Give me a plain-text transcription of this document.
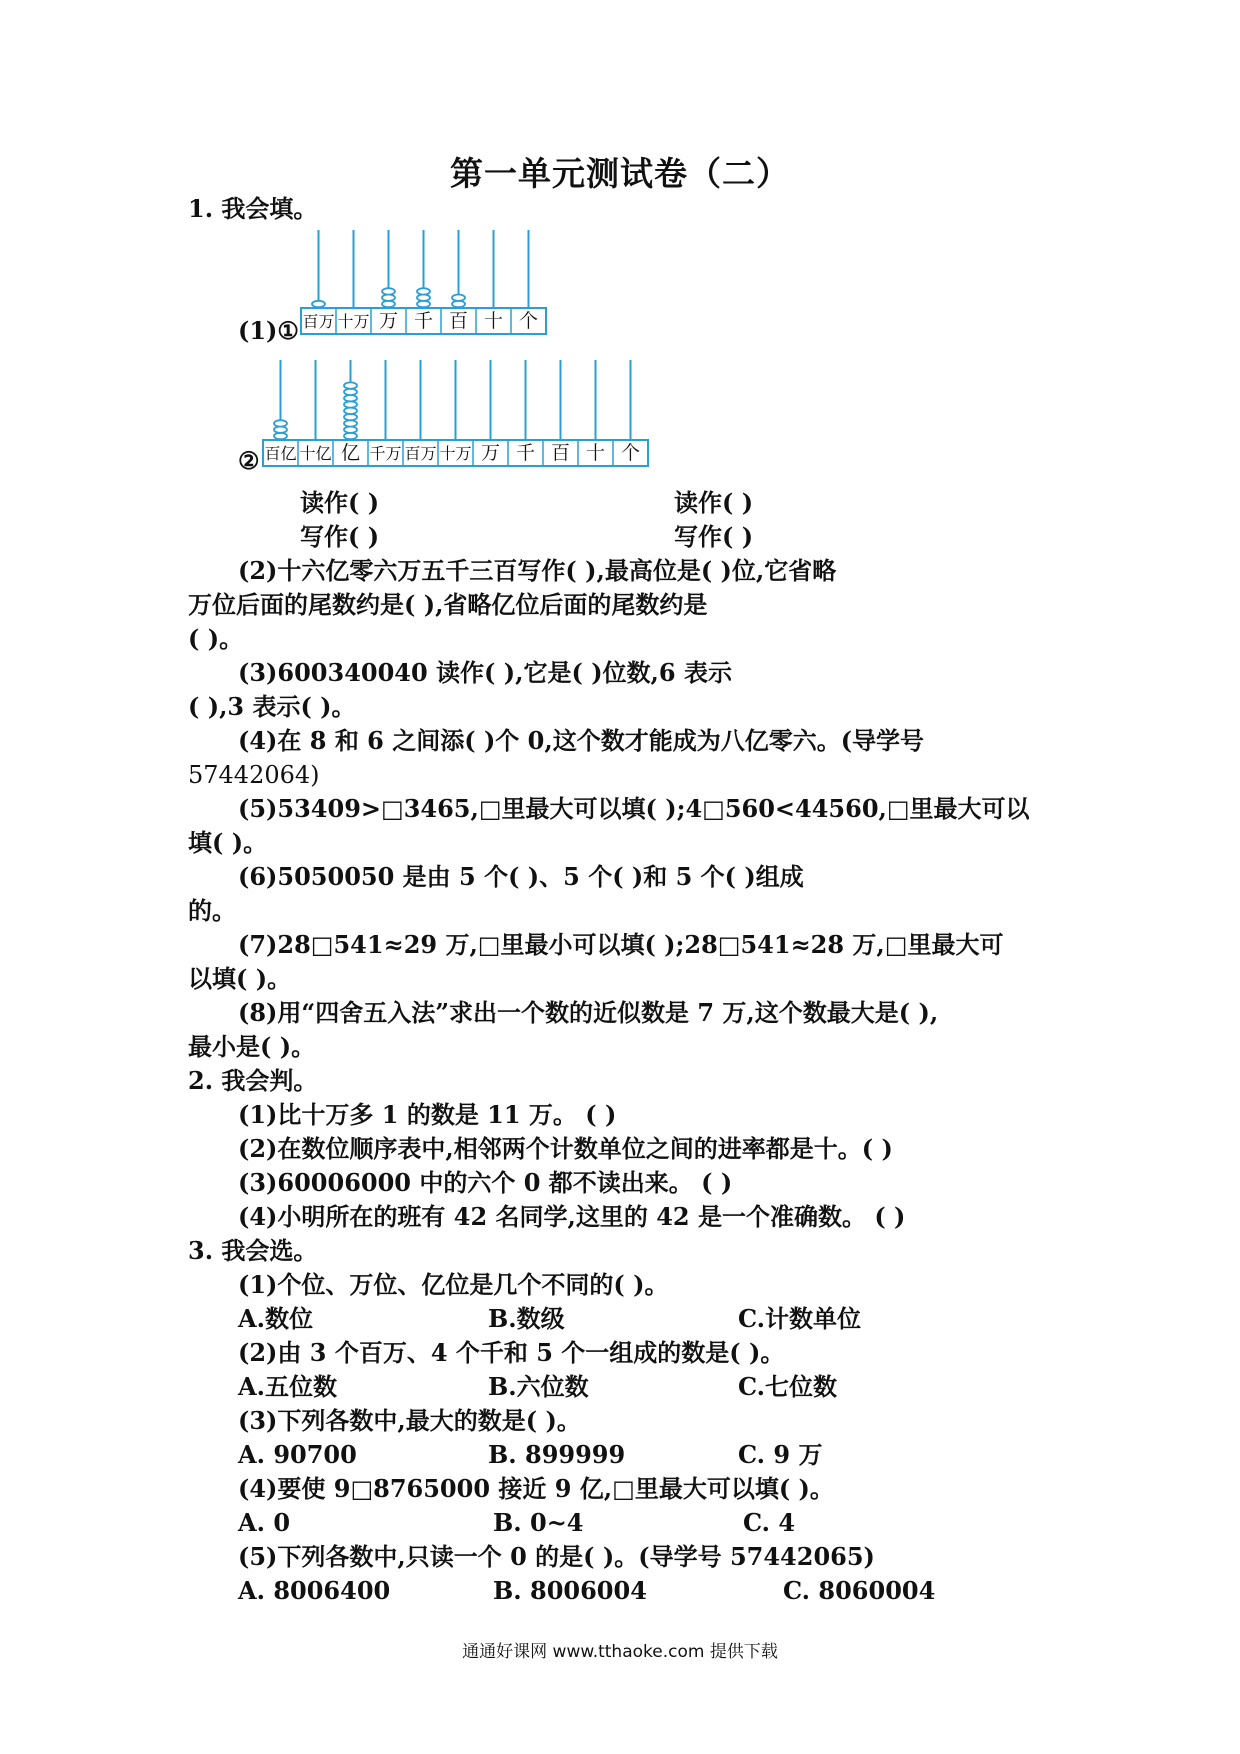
第一单元测试卷（二）
1. 我会填。
(1)① 百万 十万 万 千 百 十 个
② 百亿 十亿 亿 千万 百万 十万 万 千 百 十 个
读作( )	读作( )
写作( )	写作( )
(2)十六亿零六万五千三百写作( ),最高位是( )位,它省略
万位后面的尾数约是( ),省略亿位后面的尾数约是
( )。
(3)600340040 读作( ),它是( )位数,6 表示
( ),3 表示( )。
(4)在 8 和 6 之间添( )个 0,这个数才能成为八亿零六。(导学号
57442064)
(5)53409>□3465,□里最大可以填( );4□560<44560,□里最大可以
填( )。
(6)5050050 是由 5 个( )、5 个( )和 5 个( )组成
的。
(7)28□541≈29 万,□里最小可以填( );28□541≈28 万,□里最大可
以填( )。
(8)用“四舍五入法”求出一个数的近似数是 7 万,这个数最大是( ),
最小是( )。
2. 我会判。
(1)比十万多 1 的数是 11 万。 ( )
(2)在数位顺序表中,相邻两个计数单位之间的进率都是十。( )
(3)60006000 中的六个 0 都不读出来。 ( )
(4)小明所在的班有 42 名同学,这里的 42 是一个准确数。 ( )
3. 我会选。
(1)个位、万位、亿位是几个不同的( )。
A.数位	B.数级	C.计数单位
(2)由 3 个百万、4 个千和 5 个一组成的数是( )。
A.五位数	B.六位数	C.七位数
(3)下列各数中,最大的数是( )。
A. 90700	B. 899999	C. 9 万
(4)要使 9□8765000 接近 9 亿,□里最大可以填( )。
A. 0	B. 0~4	C. 4
(5)下列各数中,只读一个 0 的是( )。(导学号 57442065)
A. 8006400	B. 8006004	C. 8060004
通通好课网 www.tthaoke.com 提供下载
